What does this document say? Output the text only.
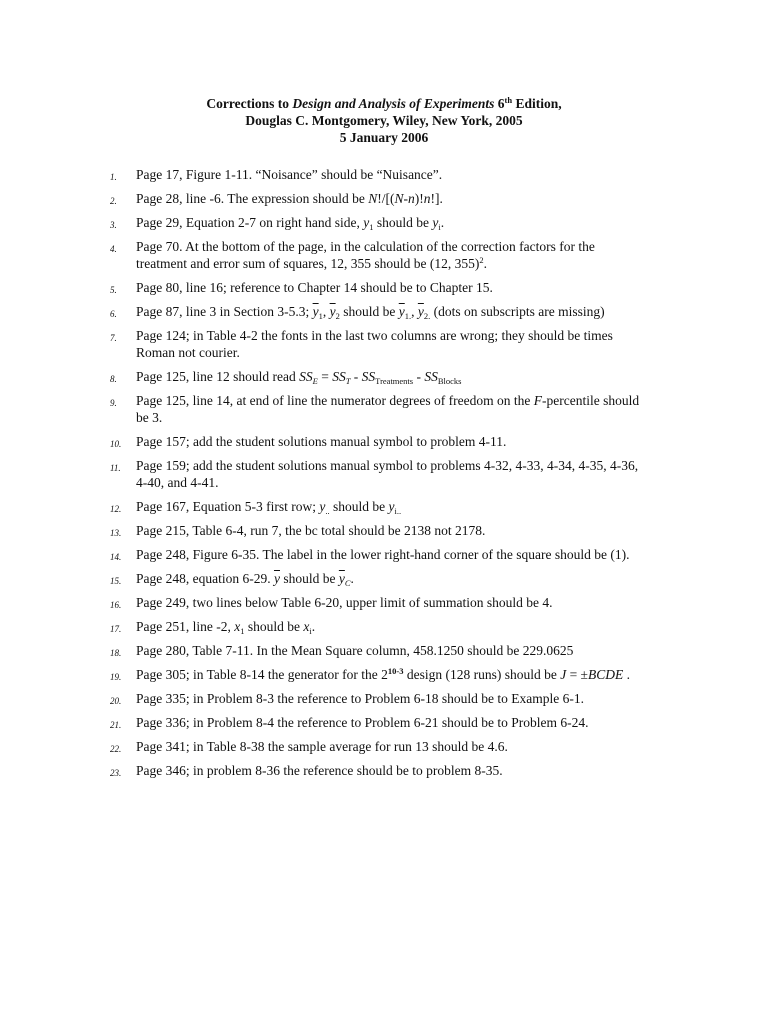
Corrections to Design and Analysis of Experiments 6th Edition,
Douglas C. Montgomery, Wiley, New York, 2005
5 January 2006
1.	Page 17, Figure 1-11. “Noisance” should be “Nuisance”.
2.	Page 28, line -6. The expression should be N!/[(N-n)!n!].
3.	Page 29, Equation 2-7 on right hand side, $y_1$ should be $y_i$.
4.	Page 70. At the bottom of the page, in the calculation of the correction factors for the treatment and error sum of squares, 12, 355 should be (12, 355)$^2$.
5.	Page 80, line 16; reference to Chapter 14 should be to Chapter 15.
6.	Page 87, line 3 in Section 3-5.3; $\overline{y}_1$, $\overline{y}_2$ should be $\overline{y}_{1.}$, $\overline{y}_{2.}$ (dots on subscripts are missing)
7.	Page 124; in Table 4-2 the fonts in the last two columns are wrong; they should be times Roman not courier.
8.	Page 125, line 12 should read $SS_E = SS_T - SS_{Treatments} - SS_{Blocks}$
9.	Page 125, line 14, at end of line the numerator degrees of freedom on the F-percentile should be 3.
10.	Page 157; add the student solutions manual symbol to problem 4-11.
11.	Page 159; add the student solutions manual symbol to problems 4-32, 4-33, 4-34, 4-35, 4-36, 4-40, and 4-41.
12.	Page 167, Equation 5-3 first row; $y_{..}$ should be $y_{i..}$
13.	Page 215, Table 6-4, run 7, the bc total should be 2138 not 2178.
14.	Page 248, Figure 6-35. The label in the lower right-hand corner of the square should be (1).
15.	Page 248, equation 6-29. $\overline{y}$ should be $\overline{y}_C$.
16.	Page 249, two lines below Table 6-20, upper limit of summation should be 4.
17.	Page 251, line -2, $x_1$ should be $x_i$.
18.	Page 280, Table 7-11. In the Mean Square column, 458.1250 should be 229.0625
19.	Page 305; in Table 8-14 the generator for the 2$^{10-3}$ design (128 runs) should be J = ±BCDE .
20.	Page 335; in Problem 8-3 the reference to Problem 6-18 should be to Example 6-1.
21.	Page 336; in Problem 8-4 the reference to Problem 6-21 should be to Problem 6-24.
22.	Page 341; in Table 8-38 the sample average for run 13 should be 4.6.
23.	Page 346; in problem 8-36 the reference should be to problem 8-35.
